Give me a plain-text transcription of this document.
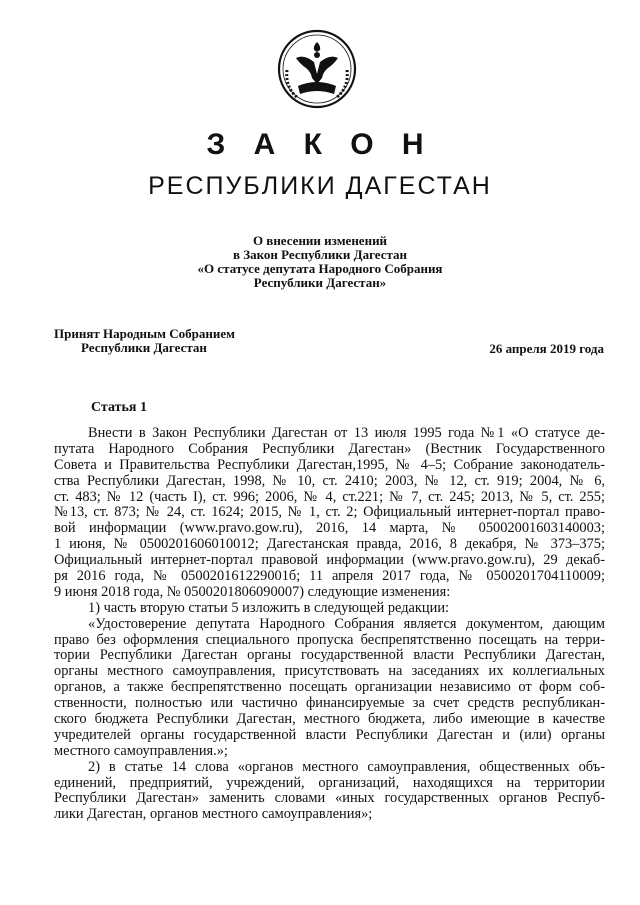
З А К О Н
РЕСПУБЛИКИ ДАГЕСТАН
О внесении изменений
в Закон Республики Дагестан
«О статусе депутата Народного Собрания
Республики Дагестан»
Принят Народным Собранием
Республики Дагестан	26 апреля 2019 года
Статья 1
Внести в Закон Республики Дагестан от 13 июля 1995 года №1 «О статусе де-
путата Народного Собрания Республики Дагестан» (Вестник Государственного
Совета и Правительства Республики Дагестан,1995, № 4–5; Собрание законодатель-
ства Республики Дагестан, 1998, № 10, ст. 2410; 2003, № 12, ст. 919; 2004, № 6,
ст. 483; № 12 (часть I), ст. 996; 2006, № 4, ст.221; № 7, ст. 245; 2013, № 5, ст. 255;
№13, ст. 873; № 24, ст. 1624; 2015, № 1, ст. 2; Официальный интернет-портал право-
вой информации (www.pravo.gow.ru), 2016, 14 марта, № 05002001603140003;
1 июня, № 0500201606010012; Дагестанская правда, 2016, 8 декабря, № 373–375;
Официальный интернет-портал правовой информации (www.pravo.gow.ru), 29 декаб-
ря 2016 года, № 050020161229001б; 11 апреля 2017 года, № 0500201704110009;
9 июня 2018 года, № 0500201806090007) следующие изменения:
1) часть вторую статьи 5 изложить в следующей редакции:
«Удостоверение депутата Народного Собрания является документом, дающим
право без оформления специального пропуска беспрепятственно посещать на терри-
тории Республики Дагестан органы государственной власти Республики Дагестан,
органы местного самоуправления, присутствовать на заседаниях их коллегиальных
органов, а также беспрепятственно посещать организации независимо от форм соб-
ственности, полностью или частично финансируемые за счет средств республикан-
ского бюджета Республики Дагестан, местного бюджета, либо имеющие в качестве
учредителей органы государственной власти Республики Дагестан и (или) органы
местного самоуправления.»;
2) в статье 14 слова «органов местного самоуправления, общественных объ-
единений, предприятий, учреждений, организаций, находящихся на территории
Республики Дагестан» заменить словами «иных государственных органов Респуб-
лики Дагестан, органов местного самоуправления»;
